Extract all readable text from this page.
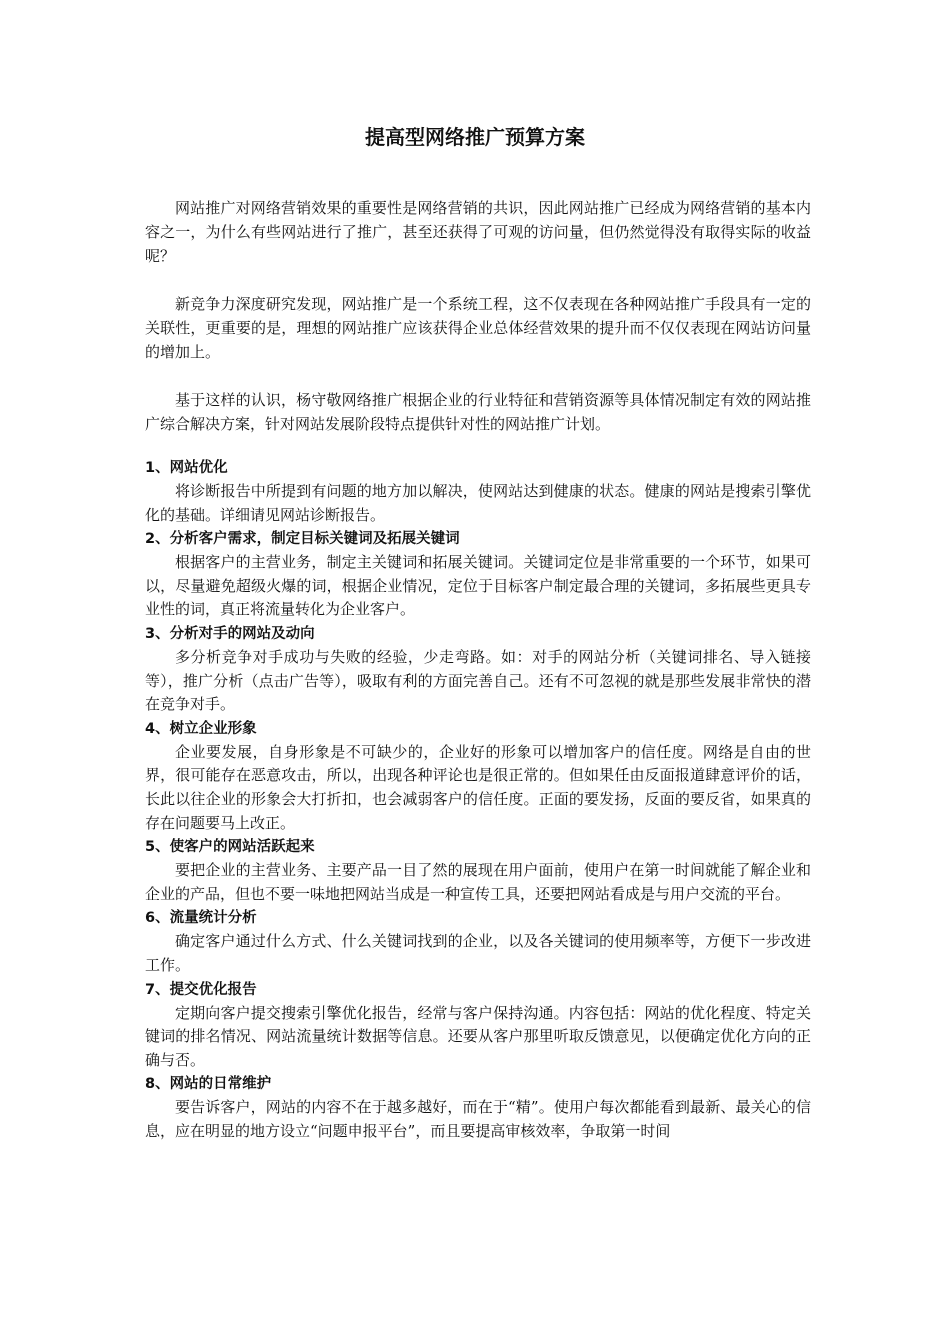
提高型网络推广预算方案

网站推广对网络营销效果的重要性是网络营销的共识，因此网站推广已经成为网络营销的基本内容之一，为什么有些网站进行了推广，甚至还获得了可观的访问量，但仍然觉得没有取得实际的收益呢？

新竞争力深度研究发现，网站推广是一个系统工程，这不仅表现在各种网站推广手段具有一定的关联性，更重要的是，理想的网站推广应该获得企业总体经营效果的提升而不仅仅表现在网站访问量的增加上。

基于这样的认识，杨守敬网络推广根据企业的行业特征和营销资源等具体情况制定有效的网站推广综合解决方案，针对网站发展阶段特点提供针对性的网站推广计划。

1、网站优化

将诊断报告中所提到有问题的地方加以解决，使网站达到健康的状态。健康的网站是搜索引擎优化的基础。详细请见网站诊断报告。

2、分析客户需求，制定目标关键词及拓展关键词

根据客户的主营业务，制定主关键词和拓展关键词。关键词定位是非常重要的一个环节，如果可以，尽量避免超级火爆的词，根据企业情况，定位于目标客户制定最合理的关键词，多拓展些更具专业性的词，真正将流量转化为企业客户。

3、分析对手的网站及动向

多分析竞争对手成功与失败的经验，少走弯路。如：对手的网站分析（关键词排名、导入链接等），推广分析（点击广告等），吸取有利的方面完善自己。还有不可忽视的就是那些发展非常快的潜在竞争对手。

4、树立企业形象

企业要发展，自身形象是不可缺少的，企业好的形象可以增加客户的信任度。网络是自由的世界，很可能存在恶意攻击，所以，出现各种评论也是很正常的。但如果任由反面报道肆意评价的话，长此以往企业的形象会大打折扣，也会减弱客户的信任度。正面的要发扬，反面的要反省，如果真的存在问题要马上改正。

5、使客户的网站活跃起来

要把企业的主营业务、主要产品一目了然的展现在用户面前，使用户在第一时间就能了解企业和企业的产品，但也不要一味地把网站当成是一种宣传工具，还要把网站看成是与用户交流的平台。

6、流量统计分析

确定客户通过什么方式、什么关键词找到的企业，以及各关键词的使用频率等，方便下一步改进工作。

7、提交优化报告

定期向客户提交搜索引擎优化报告，经常与客户保持沟通。内容包括：网站的优化程度、特定关键词的排名情况、网站流量统计数据等信息。还要从客户那里听取反馈意见，以便确定优化方向的正确与否。

8、网站的日常维护

要告诉客户，网站的内容不在于越多越好，而在于“精”。使用户每次都能看到最新、最关心的信息，应在明显的地方设立“问题申报平台”，而且要提高审核效率，争取第一时间
